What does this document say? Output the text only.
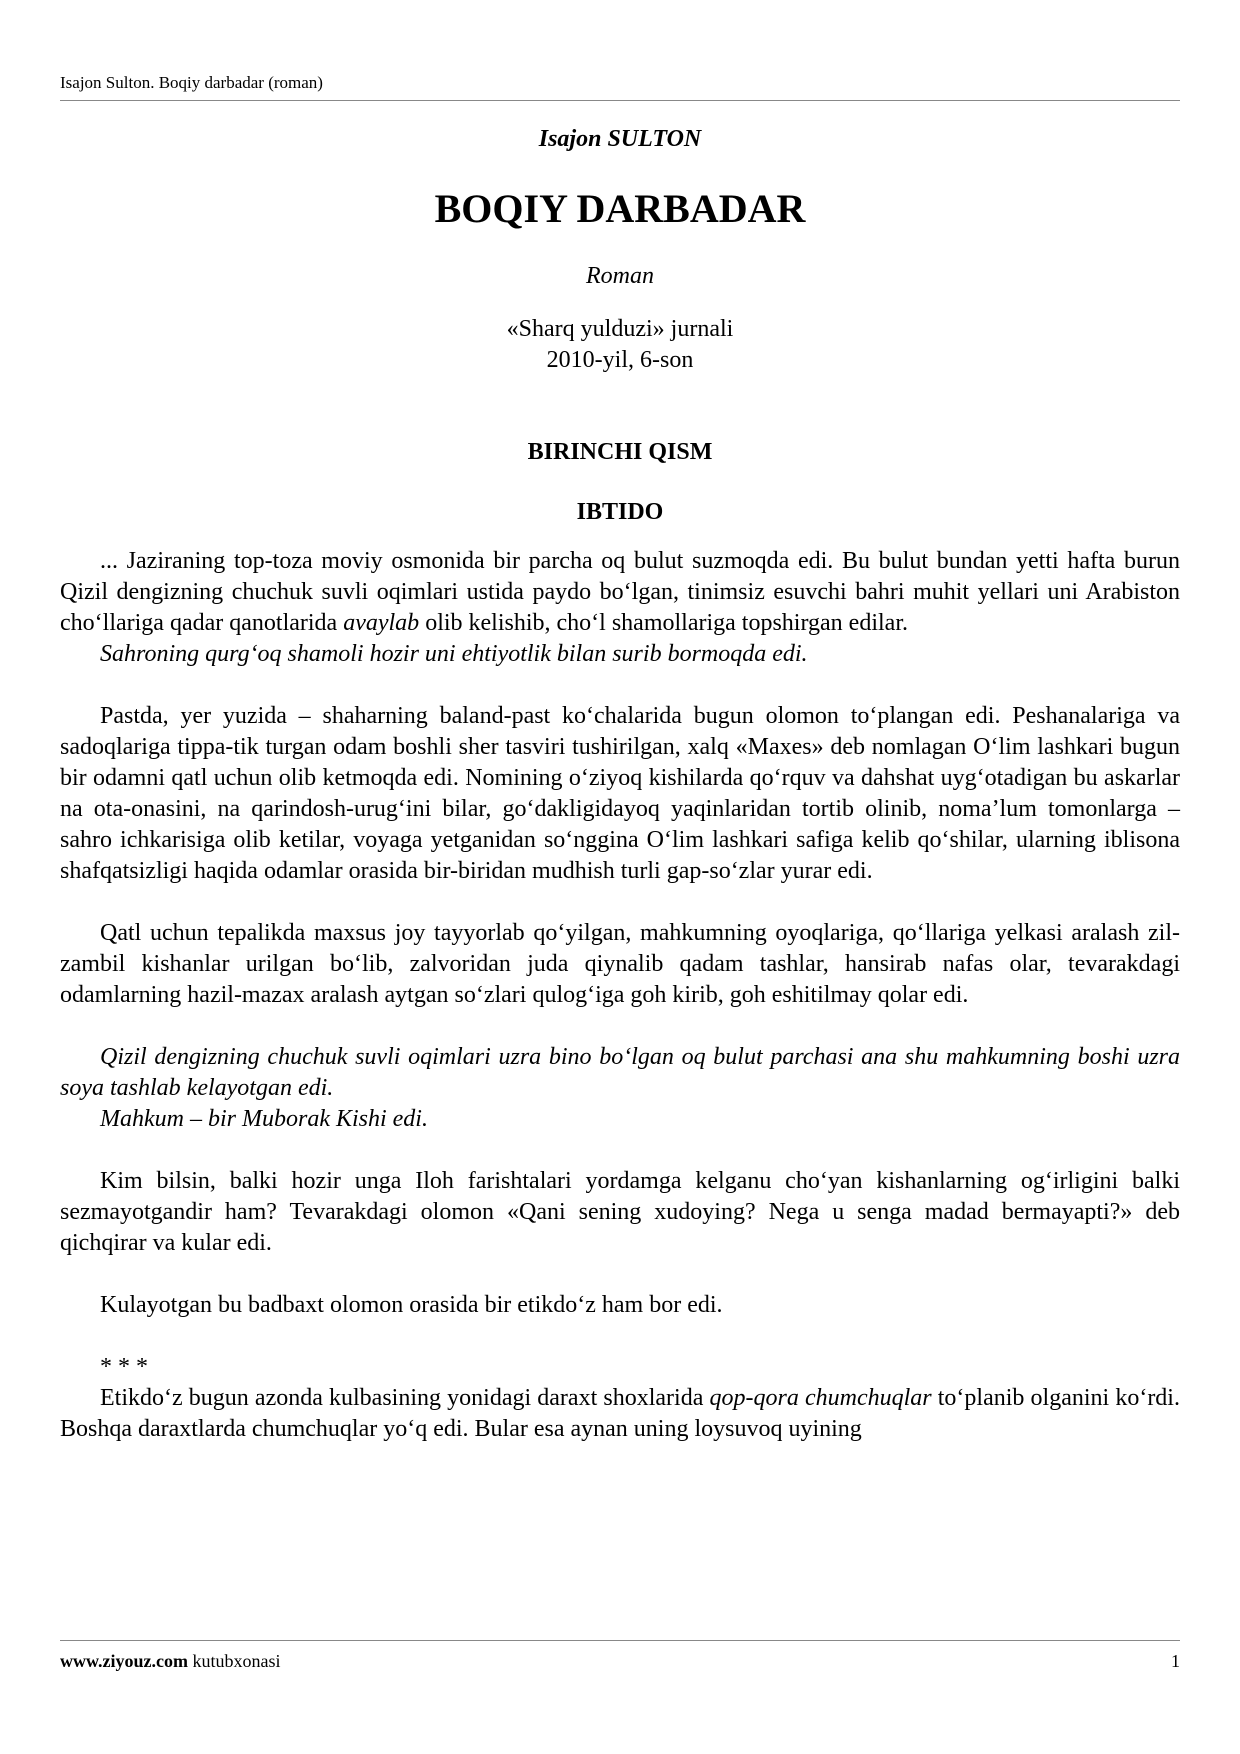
Isajon Sulton. Boqiy darbadar (roman)
Isajon SULTON
BOQIY DARBADAR
Roman
«Sharq yulduzi» jurnali
2010-yil, 6-son
BIRINCHI QISM
IBTIDO

... Jaziraning top-toza moviy osmonida bir parcha oq bulut suzmoqda edi. Bu bulut bundan yetti hafta burun Qizil dengizning chuchuk suvli oqimlari ustida paydo bo‘lgan, tinimsiz esuvchi bahri muhit yellari uni Arabiston cho‘llariga qadar qanotlarida avaylab olib kelishib, cho‘l shamollariga topshirgan edilar.

Sahroning qurg‘oq shamoli hozir uni ehtiyotlik bilan surib bormoqda edi.

Pastda, yer yuzida – shaharning baland-past ko‘chalarida bugun olomon to‘plangan edi. Peshanalariga va sadoqlariga tippa-tik turgan odam boshli sher tasviri tushirilgan, xalq «Maxes» deb nomlagan O‘lim lashkari bugun bir odamni qatl uchun olib ketmoqda edi. Nomining o‘ziyoq kishilarda qo‘rquv va dahshat uyg‘otadigan bu askarlar na ota-onasini, na qarindosh-urug‘ini bilar, go‘dakligidayoq yaqinlaridan tortib olinib, noma’lum tomonlarga – sahro ichkarisiga olib ketilar, voyaga yetganidan so‘nggina O‘lim lashkari safiga kelib qo‘shilar, ularning iblisona shafqatsizligi haqida odamlar orasida bir-biridan mudhish turli gap-so‘zlar yurar edi.

Qatl uchun tepalikda maxsus joy tayyorlab qo‘yilgan, mahkumning oyoqlariga, qo‘llariga yelkasi aralash zil-zambil kishanlar urilgan bo‘lib, zalvoridan juda qiynalib qadam tashlar, hansirab nafas olar, tevarakdagi odamlarning hazil-mazax aralash aytgan so‘zlari qulog‘iga goh kirib, goh eshitilmay qolar edi.

Qizil dengizning chuchuk suvli oqimlari uzra bino bo‘lgan oq bulut parchasi ana shu mahkumning boshi uzra soya tashlab kelayotgan edi.

Mahkum – bir Muborak Kishi edi.

Kim bilsin, balki hozir unga Iloh farishtalari yordamga kelganu cho‘yan kishanlarning og‘irligini balki sezmayotgandir ham? Tevarakdagi olomon «Qani sening xudoying? Nega u senga madad bermayapti?» deb qichqirar va kular edi.

Kulayotgan bu badbaxt olomon orasida bir etikdo‘z ham bor edi.

* * *

Etikdo‘z bugun azonda kulbasining yonidagi daraxt shoxlarida qop-qora chumchuqlar to‘planib olganini ko‘rdi. Boshqa daraxtlarda chumchuqlar yo‘q edi. Bular esa aynan uning loysuvoq uyining

www.ziyouz.com kutubxonasi	1
